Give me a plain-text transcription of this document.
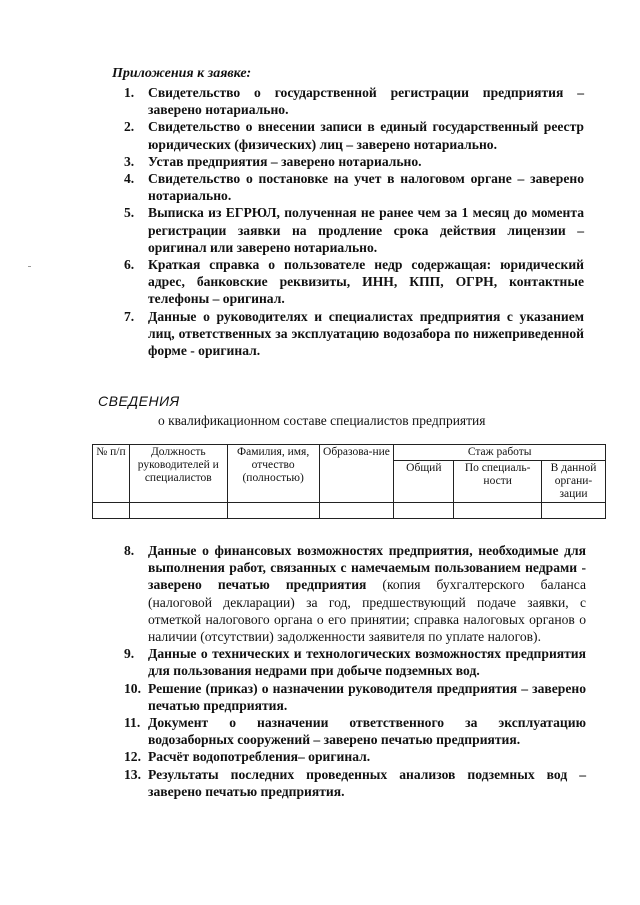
Приложения к заявке:
1. Свидетельство о государственной регистрации предприятия – заверено нотариально.
2. Свидетельство о внесении записи в единый государственный реестр юридических (физических) лиц – заверено нотариально.
3. Устав предприятия – заверено нотариально.
4. Свидетельство о постановке на учет в налоговом органе – заверено нотариально.
5. Выписка из ЕГРЮЛ, полученная не ранее чем за 1 месяц до момента регистрации заявки на продление срока действия лицензии – оригинал или заверено нотариально.
6. Краткая справка о пользователе недр содержащая: юридический адрес, банковские реквизиты, ИНН, КПП, ОГРН, контактные телефоны – оригинал.
7. Данные о руководителях и специалистах предприятия с указанием лиц, ответственных за эксплуатацию водозабора по нижеприведенной форме - оригинал.
СВЕДЕНИЯ
о квалификационном составе специалистов предприятия
№ п/п	Должность руководителей и специалистов	Фамилия, имя, отчество (полностью)	Образова-ние	Стаж работы		
				Общий	По специаль-ности	В данной органи-зации

8. Данные о финансовых возможностях предприятия, необходимые для выполнения работ, связанных с намечаемым пользованием недрами - заверено печатью предприятия (копия бухгалтерского баланса (налоговой декларации) за год, предшествующий подаче заявки, с отметкой налогового органа о его принятии; справка налоговых органов о наличии (отсутствии) задолженности заявителя по уплате налогов).
9. Данные о технических и технологических возможностях предприятия для пользования недрами при добыче подземных вод.
10. Решение (приказ) о назначении руководителя предприятия – заверено печатью предприятия.
11. Документ о назначении ответственного за эксплуатацию водозаборных сооружений – заверено печатью предприятия.
12. Расчёт водопотребления– оригинал.
13. Результаты последних проведенных анализов подземных вод – заверено печатью предприятия.
